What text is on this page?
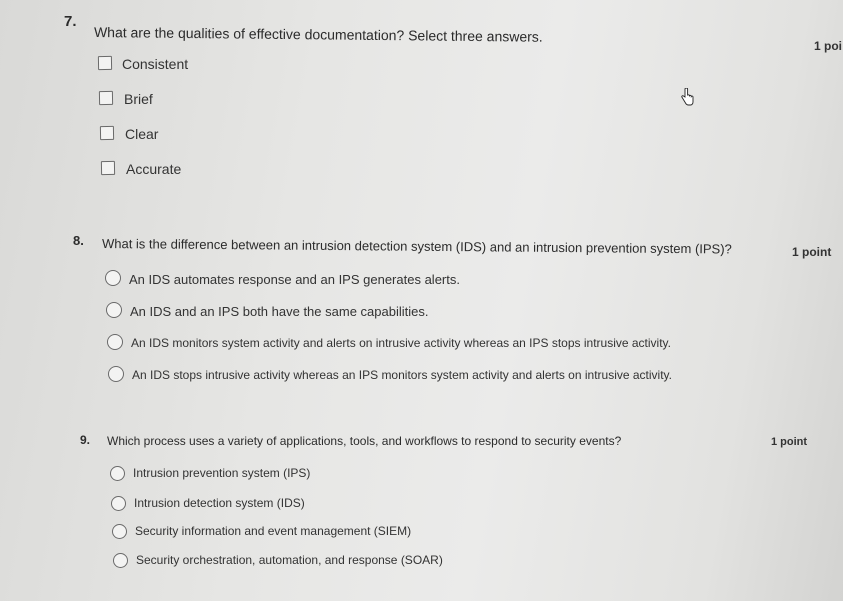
7.
What are the qualities of effective documentation? Select three answers.
1 poi
Consistent
Brief
Clear
Accurate
8. What is the difference between an intrusion detection system (IDS) and an intrusion prevention system (IPS)?	1 point
An IDS automates response and an IPS generates alerts.
An IDS and an IPS both have the same capabilities.
An IDS monitors system activity and alerts on intrusive activity whereas an IPS stops intrusive activity.
An IDS stops intrusive activity whereas an IPS monitors system activity and alerts on intrusive activity.
9. Which process uses a variety of applications, tools, and workflows to respond to security events?	1 point
Intrusion prevention system (IPS)
Intrusion detection system (IDS)
Security information and event management (SIEM)
Security orchestration, automation, and response (SOAR)
